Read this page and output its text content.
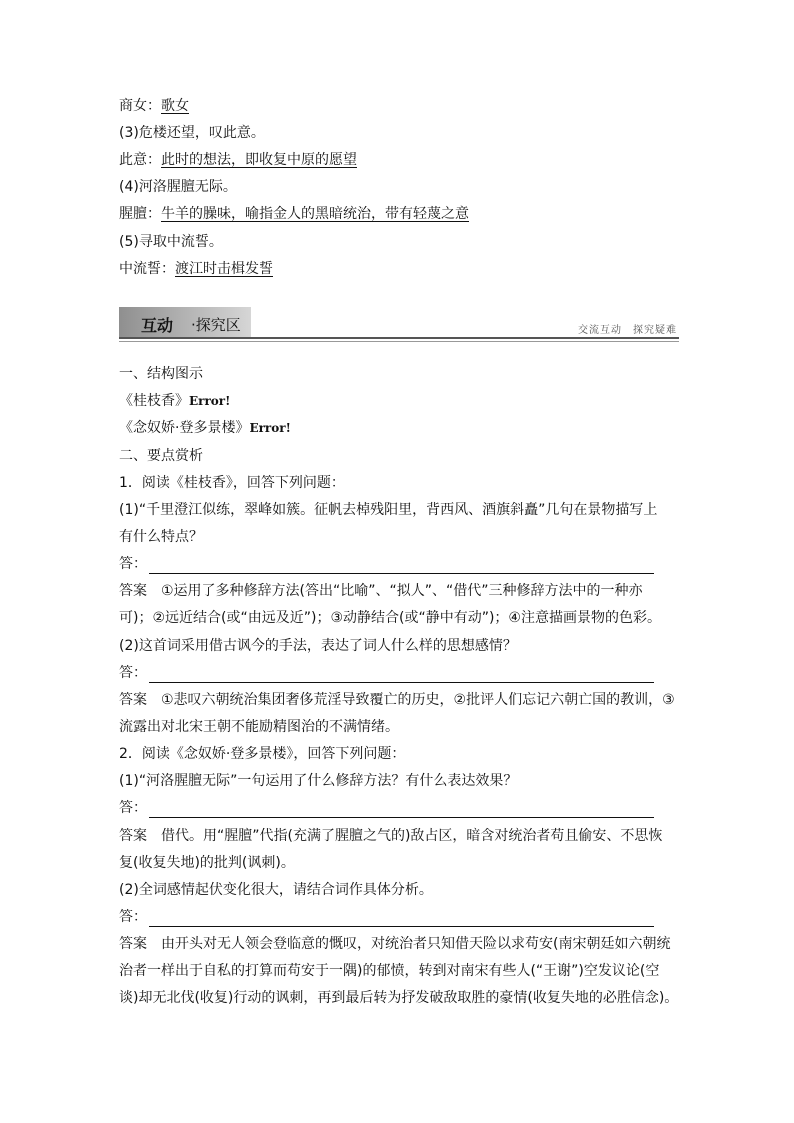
商女：歌女
(3)危楼还望，叹此意。
此意：此时的想法，即收复中原的愿望
(4)河洛腥膻无际。
腥膻：牛羊的臊味，喻指金人的黑暗统治，带有轻蔑之意
(5)寻取中流誓。
中流誓：渡江时击楫发誓
互动 ·探究区	交流互动　探究疑难
一、结构图示
《桂枝香》Error!
《念奴娇·登多景楼》Error!
二、要点赏析
1．阅读《桂枝香》，回答下列问题：
(1)“千里澄江似练，翠峰如簇。征帆去棹残阳里，背西风、酒旗斜矗”几句在景物描写上
有什么特点？
答：
答案　①运用了多种修辞方法(答出“比喻”、“拟人”、“借代”三种修辞方法中的一种亦
可)；②远近结合(或“由远及近”)；③动静结合(或“静中有动”)；④注意描画景物的色彩。
(2)这首词采用借古讽今的手法，表达了词人什么样的思想感情？
答：
答案　①悲叹六朝统治集团奢侈荒淫导致覆亡的历史，②批评人们忘记六朝亡国的教训，③
流露出对北宋王朝不能励精图治的不满情绪。
2．阅读《念奴娇·登多景楼》，回答下列问题：
(1)“河洛腥膻无际”一句运用了什么修辞方法？有什么表达效果？
答：
答案　借代。用“腥膻”代指(充满了腥膻之气的)敌占区，暗含对统治者苟且偷安、不思恢
复(收复失地)的批判(讽刺)。
(2)全词感情起伏变化很大，请结合词作具体分析。
答：
答案　由开头对无人领会登临意的慨叹，对统治者只知借天险以求苟安(南宋朝廷如六朝统
治者一样出于自私的打算而苟安于一隅)的郁愤，转到对南宋有些人(“王谢”)空发议论(空
谈)却无北伐(收复)行动的讽刺，再到最后转为抒发破敌取胜的豪情(收复失地的必胜信念)。
